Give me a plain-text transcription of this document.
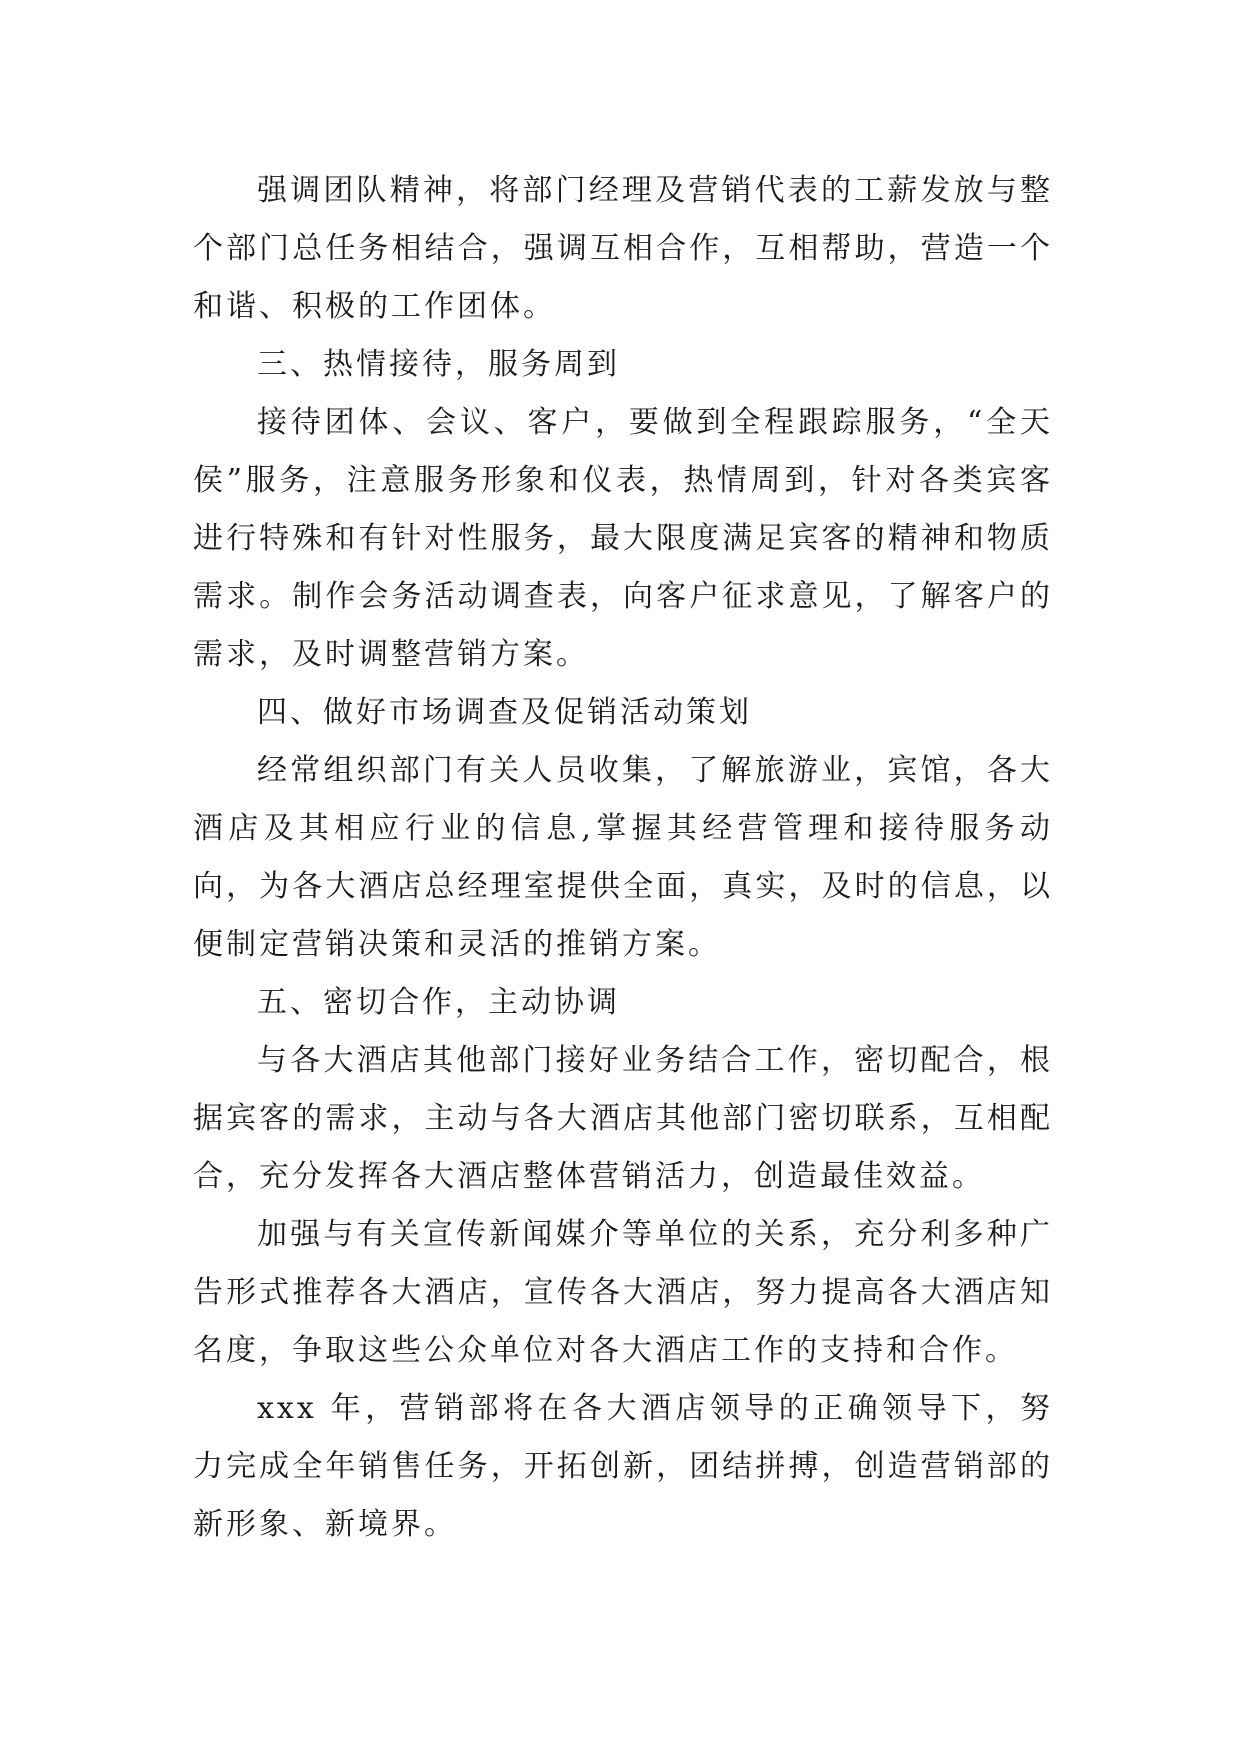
强调团队精神，将部门经理及营销代表的工薪发放与整个部门总任务相结合，强调互相合作，互相帮助，营造一个和谐、积极的工作团体。

三、热情接待，服务周到

接待团体、会议、客户，要做到全程跟踪服务，“全天侯”服务，注意服务形象和仪表，热情周到，针对各类宾客进行特殊和有针对性服务，最大限度满足宾客的精神和物质需求。制作会务活动调查表，向客户征求意见，了解客户的需求，及时调整营销方案。

四、做好市场调查及促销活动策划

经常组织部门有关人员收集，了解旅游业，宾馆，各大酒店及其相应行业的信息,掌握其经营管理和接待服务动向，为各大酒店总经理室提供全面，真实，及时的信息，以便制定营销决策和灵活的推销方案。

五、密切合作，主动协调

与各大酒店其他部门接好业务结合工作，密切配合，根据宾客的需求，主动与各大酒店其他部门密切联系，互相配合，充分发挥各大酒店整体营销活力，创造最佳效益。

加强与有关宣传新闻媒介等单位的关系，充分利多种广告形式推荐各大酒店，宣传各大酒店，努力提高各大酒店知名度，争取这些公众单位对各大酒店工作的支持和合作。

xxx 年，营销部将在各大酒店领导的正确领导下，努力完成全年销售任务，开拓创新，团结拼搏，创造营销部的新形象、新境界。
